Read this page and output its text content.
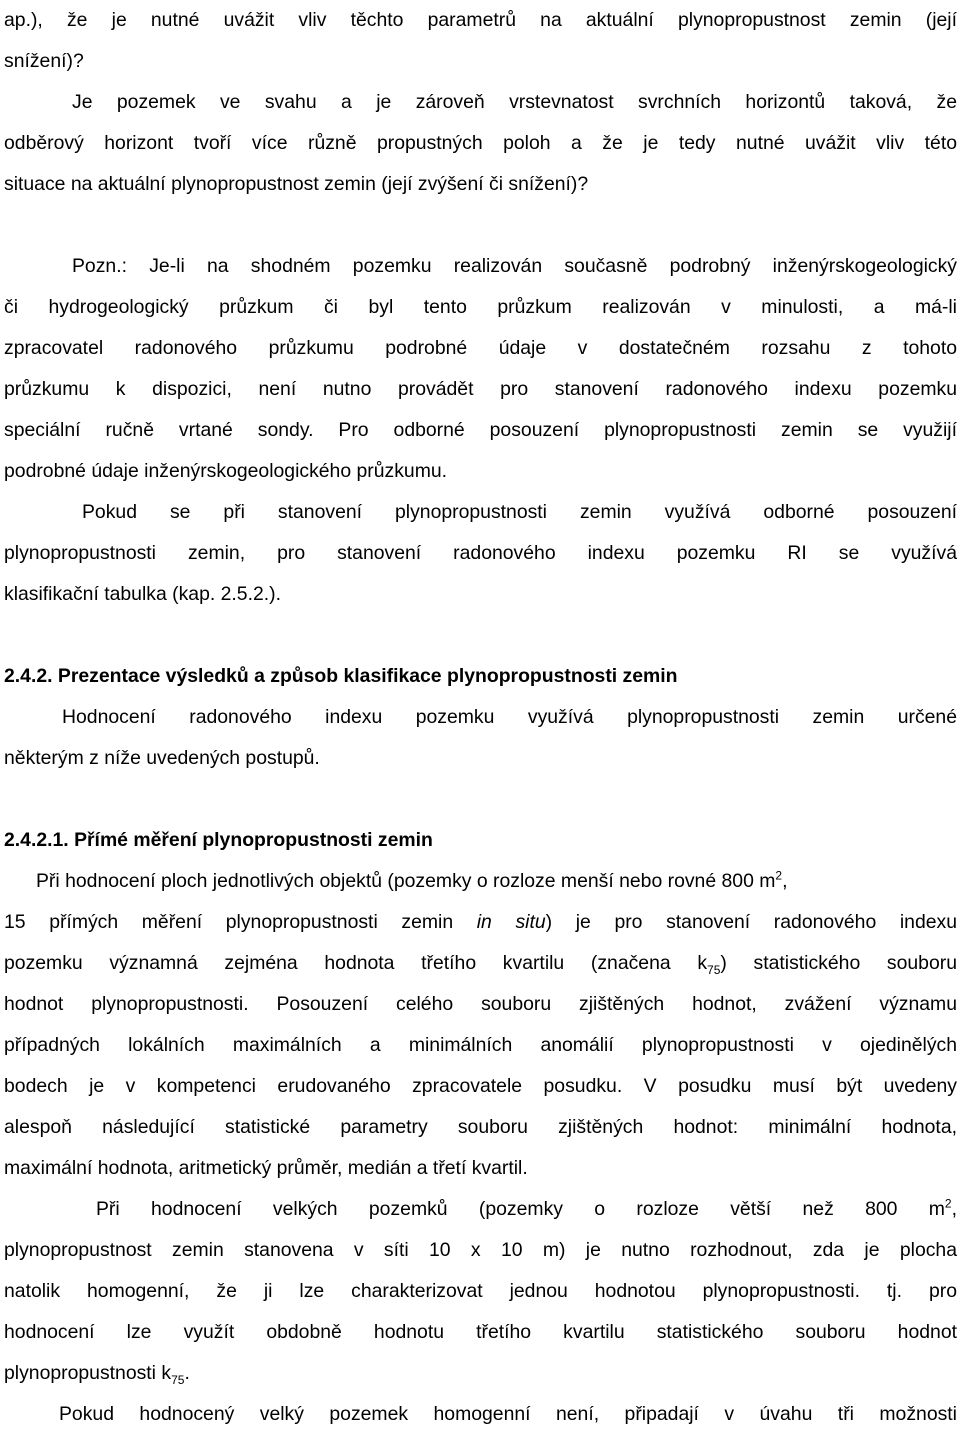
ap.), že je nutné uvážit vliv těchto parametrů na aktuální plynopropustnost zemin (její
snížení)?
Je pozemek ve svahu a je zároveň vrstevnatost svrchních horizontů taková, že
odběrový horizont tvoří více různě propustných poloh a že je tedy nutné uvážit vliv této
situace na aktuální plynopropustnost zemin (její zvýšení či snížení)?
Pozn.: Je-li na shodném pozemku realizován současně podrobný inženýrskogeologický
či hydrogeologický průzkum či byl tento průzkum realizován v minulosti, a má-li
zpracovatel radonového průzkumu podrobné údaje v dostatečném rozsahu z tohoto
průzkumu k dispozici, není nutno provádět pro stanovení radonového indexu pozemku
speciální ručně vrtané sondy. Pro odborné posouzení plynopropustnosti zemin se využijí
podrobné údaje inženýrskogeologického průzkumu.
Pokud se při stanovení plynopropustnosti zemin využívá odborné posouzení
plynopropustnosti zemin, pro stanovení radonového indexu pozemku RI se využívá
klasifikační tabulka (kap. 2.5.2.).
2.4.2. Prezentace výsledků a způsob klasifikace plynopropustnosti zemin
Hodnocení radonového indexu pozemku využívá plynopropustnosti zemin určené
některým z níže uvedených postupů.
2.4.2.1. Přímé měření plynopropustnosti zemin
Při hodnocení ploch jednotlivých objektů (pozemky o rozloze menší nebo rovné 800 $m^2$,
15 přímých měření plynopropustnosti zemin in situ) je pro stanovení radonového indexu
pozemku významná zejména hodnota třetího kvartilu (značena $k_{75}$) statistického souboru
hodnot plynopropustnosti. Posouzení celého souboru zjištěných hodnot, zvážení významu
případných lokálních maximálních a minimálních anomálií plynopropustnosti v ojedinělých
bodech je v kompetenci erudovaného zpracovatele posudku. V posudku musí být uvedeny
alespoň následující statistické parametry souboru zjištěných hodnot: minimální hodnota,
maximální hodnota, aritmetický průměr, medián a třetí kvartil.
Při hodnocení velkých pozemků (pozemky o rozloze větší než 800 $m^2$,
plynopropustnost zemin stanovena v síti 10 x 10 m) je nutno rozhodnout, zda je plocha
natolik homogenní, že ji lze charakterizovat jednou hodnotou plynopropustnosti. tj. pro
hodnocení lze využít obdobně hodnotu třetího kvartilu statistického souboru hodnot
plynopropustnosti $k_{75}$.
Pokud hodnocený velký pozemek homogenní není, připadají v úvahu tři možnosti
